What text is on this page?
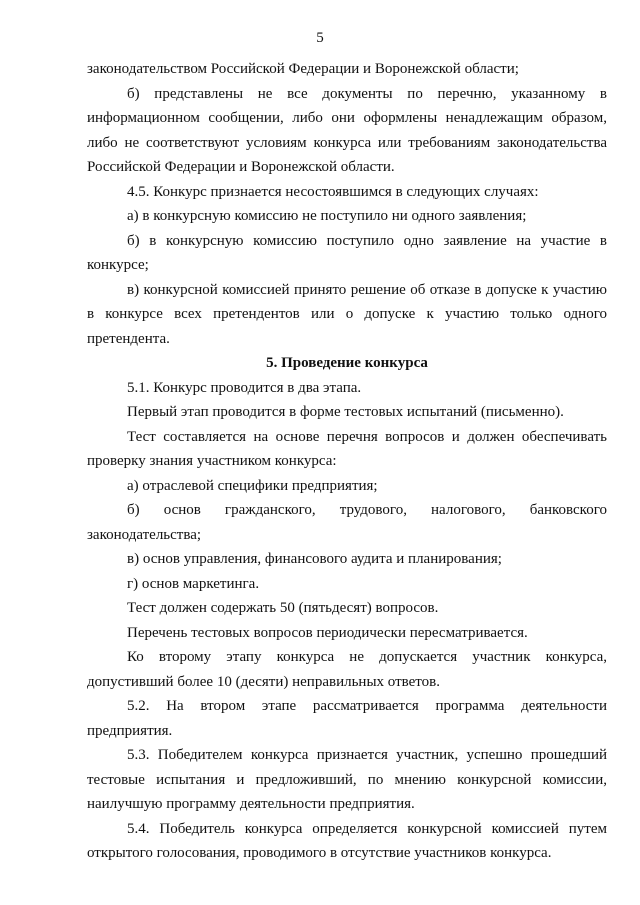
5

законодательством Российской Федерации и Воронежской области;

б) представлены не все документы по перечню, указанному в информационном сообщении, либо они оформлены ненадлежащим образом, либо не соответствуют условиям конкурса или требованиям законодательства Российской Федерации и Воронежской области.

4.5. Конкурс признается несостоявшимся в следующих случаях:

а) в конкурсную комиссию не поступило ни одного заявления;

б) в конкурсную комиссию поступило одно заявление на участие в конкурсе;

в) конкурсной комиссией принято решение об отказе в допуске к участию в конкурсе всех претендентов или о допуске к участию только одного претендента.

5. Проведение конкурса

5.1. Конкурс проводится в два этапа.

Первый этап проводится в форме тестовых испытаний (письменно).

Тест составляется на основе перечня вопросов и должен обеспечивать проверку знания участником конкурса:

а) отраслевой специфики предприятия;

б) основ гражданского, трудового, налогового, банковского законодательства;

в) основ управления, финансового аудита и планирования;

г) основ маркетинга.

Тест должен содержать 50 (пятьдесят) вопросов.

Перечень тестовых вопросов периодически пересматривается.

Ко второму этапу конкурса не допускается участник конкурса, допустивший более 10 (десяти) неправильных ответов.

5.2. На втором этапе рассматривается программа деятельности предприятия.

5.3. Победителем конкурса признается участник, успешно прошедший тестовые испытания и предложивший, по мнению конкурсной комиссии, наилучшую программу деятельности предприятия.

5.4. Победитель конкурса определяется конкурсной комиссией путем открытого голосования, проводимого в отсутствие участников конкурса.
